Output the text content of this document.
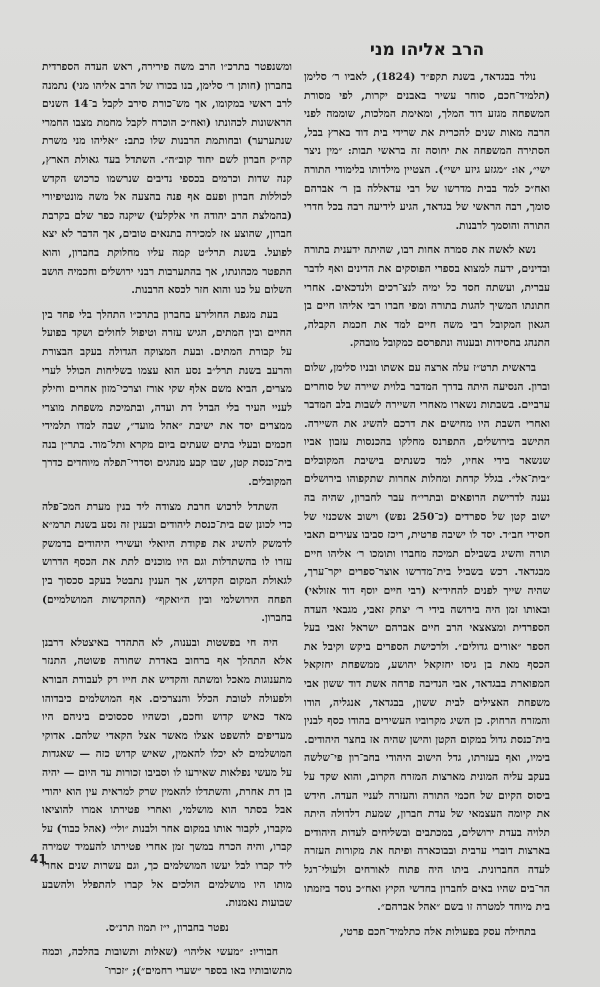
הרב אליהו מני

נולד בבגדאד, בשנת תקפ״ד (1824), לאביו ר׳ סלימן (תלמיד־חכם, סוחר עשיר באבנים יקרות, לפי מסורת המשפחה מגזע דוד המלך, ומאימת המלכות, שוממה לפני הרבה מאות שנים להכרית את שרידי בית דוד בארץ בבל, הסתירה המשפחה את יחוסה זה בראשי תבות: ״מין ניצר ישי״, או: ״מגזע גיזע ישי״). הצטיין מילדותו בלימודי התורה ואח״כ למד בבית מדרשו של רבי עדאללה בן ר׳ אברהם סומך, רבה הראשי של בגדאד, הגיע לידיעה רבה בכל חדרי התורה והוסמך לרבנות.

נשא לאשה את סמרה אחות רבו, שהיתה ידענית בתורה ובדינים, ידעה למצוא בספרי הפוסקים את הדינים ואף לדבר עברית, ועשתה חסד כל ימיה לנצ־רכים ולנדכאים. אחרי חתונתו המשיך להגות בתורה ומפי חברו רבי אליהו חיים בן הגאון המקובל רבי משה חיים למד את חכמת הקבלה, התנהג בחסידות ובענוה ונתפרסם כמקובל מובהק.

בראשית תרט״ז עלה ארצה עם אשתו ובניו סלימן, שלום וברון. הנסיעה היתה בדרך המדבר בלוית שיירה של סוחרים ערביים. בשבתות נשארו מאחרי השיירה לשבות בלב המדבר ואחרי השבת היו מחישים את דרכם להשיג את השיירה. התישב בירושלים, התפרנס מחלקו בהכנסות עזבון אביו שנשאר בידי אחיו, למד כשנתים בישיבת המקובלים ״בית־אל״. בגלל קדחת ומחלות אחרות שתקפוהו בירושלים נענה לדרישת הרופאים ובתרי״ח עבר לחברון, שהיה בה ישוב קטן של ספרדים (כ־250 נפש) וישוב אשכנזי של חסידי חב״ד. יסד לו ישיבה פרטית, ריכז סביבו צעירים תאבי תורה והשיג בשבילם תמיכה מחברו ותומכו ר׳ אליהו חיים מבגדאד. רכש בשביל בית־מדרשו אוצר־ספרים יקר־ערך, שהיה שייך לפנים להחיד״א (רבי חיים יוסף דוד אזולאי) ובאותו זמן היה בירושה בידי ר׳ יצחק זאבי, מגבאי העדה הספרדית ומצאצאי הרב חיים אברהם ישראל זאבי בעל הספר ״אורים גדולים״. ולרכישת הספרים ביקש וקיבל את הכסף מאת בן גיסו יחזקאל יהושע, ממשפחת יחזקאל המפוארת בבגדאד, אבי הנדיבה פרחה אשת דוד ששון אבי משפחת האצילים לבית ששון, בבגדאד, אנגליה, הודו והמזרח הרחוק. כן השיג מקרוביו העשירים בהודו כסף לבנין בית־כנסת גדול במקום הקטן והישן שהיה אז בחצר היהודים. בימיו, ואף בעזרתו, גדל הישוב היהודי בחב־רון פי־שלשה בעקב עליה המונית מארצות המזרח הקרוב, והוא שקד על ביסוס הקיום של חכמי התורה והעזרה לעניי העדה. חידש את קיומה העצמאי של עדת חברון, שמעת דלדולה היתה תלויה בעדת ירושלים, במכתבים ובשליחים לעדות היהודים בארצות דוברי ערבית ובבוכארה ופיתח את מקורות העזרה לעדה החברונית. ביתו היה פתוח לאורחים ולעולי־רגל הר־בים שהיו באים לחברון בחדשי הקיץ ואח״כ נוסד ביזמתו בית מיוחד למטרה זו בשם ״אהל אברהם״.

בתחילה עסק בפעולות אלה כתלמיד־חכם פרטי,

ומשנפטר בתרכ״ו הרב משה פירירה, ראש העדה הספרדית בחברון (חותן ר׳ סלימן, בנו בכורו של הרב אליהו מני) נתמנה לרב ראשי במקומו, אך מש־כורת סירב לקבל ב־14 השנים הראשונות לכהונתו (ואח״כ הוכרח לקבל מחמת מצבו החמרי שנתערער) ובחותמת הרבנות שלו כתב: ״אליהו מני משרת קה״ק חברון לשם יחוד קוב״ה״. השתדל בעד גאולת הארץ, קנה שדות וכרמים בכספי נדיבים שנרשמו כרכוש הקדש לכוללות חברון ופעם אף פנה בהצעה אל משה מונטיפיורי (בהמלצת הרב יהודה חי אלקלעי) שיקנה כפר שלם בקרבת חברון, שהוצע אז למכירה בתנאים טובים, אך הדבר לא יצא לפועל. בשנת תרל״ט קמה עליו מחלוקת בחברון, והוא התפטר מכהונתו, אך בהתערבות רבני ירושלים וחכמיה הושב השלום על כנו והוא חזר לכסא הרבנות.

בעת מגפת החולירע בחברון בתרכ״ו התהלך בלי פחד בין החיים ובין המתים, הגיש עזרה וטיפול לחולים ושקד בפועל על קבורת המתים. ובעת המצוקה הגדולה בעקב הבצורת והרעב בשנת תרל״ב נסע הוא עצמו בשליחות הכולל לערי מצרים, הביא משם אלף שקי אורז וצרכי־מזון אחרים וחילק לעניי העיר בלי הבדל דת ועדה, ובתמיכת משפחת מוצרי ממצרים יסד את ישיבת ״אהל מועד״, שבה למדו תלמידי חכמים ובעלי בתים שעתים ביום מקרא ותל־מוד. בתר״ן בנה בית־כנסת קטן, שבו קבע מנהגים וסדרי־תפלה מיוחדים כדרך המקובלים.

השתדל לרכוש חרבת מצודה ליד בנין מערת המכ־פלה כדי לכונן שם בית־כנסת ליהודים ובענין זה נסע בשנת תרמ״א לדמשק להשיג את פקודת היואלי ועשירי היהודים בדמשק עזרו לו בהשתדלות וגם היו מוכנים לתת את הכסף הדרוש לגאולת המקום הקדוש, אך הענין נתבטל בעקב סכסוך בין הפחה הירושלמי ובין ה״ואקף״ (ההקדשות המושלמיים) בחברון.

היה חי בפשטות ובענוה, לא התהדר באיצטלא דרבנן אלא התהלך אף ברחוב באדרת שחורה פשוטה, התנזר מתענוגות מאכל ומשתה והקדיש את חייו רק לעבודת הבורא ולפעולה לטובת הכלל והנצרכים. אף המושלמים כיבדוהו מאד כאיש קדוש וחכם, וכשהיו סכסוכים ביניהם היו מעדיפים להשפט אצלו מאשר אצל הקאדי שלהם. אדוקי המושלמים לא יכלו להאמין, שאיש קדוש כזה — שאגדות על מעשי נפלאות שאירעו לו וסביבו זכורות עד היום — יהיה בן דת אחרת, והשתדלו להאמין שרק למראית עין הוא יהודי אבל בסתר הוא מושלמי, ואחרי פטירתו אמרו להוציאו מקברו, לקבור אותו במקום אחר ולבנות ״ולי״ (אהל כבוד) על קברו, והיה הכרח במשך זמן אחרי פטירתו להעמיד שמירה ליד קברו לבל יעשו המושלמים כך, וגם עשרות שנים אחרי מותו היו מושלמים הולכים אל קברו להתפלל ולהשבע שבועות נאמנות.

נפטר בחברון, י״ז תמוז תרנ״ס.

חבוריו: ״מעשי אליהו״ (שאלות ותשובות בהלכה, וכמה מתשובותיו באו בספר ״שערי רחמים״); ״זכרו־

41
